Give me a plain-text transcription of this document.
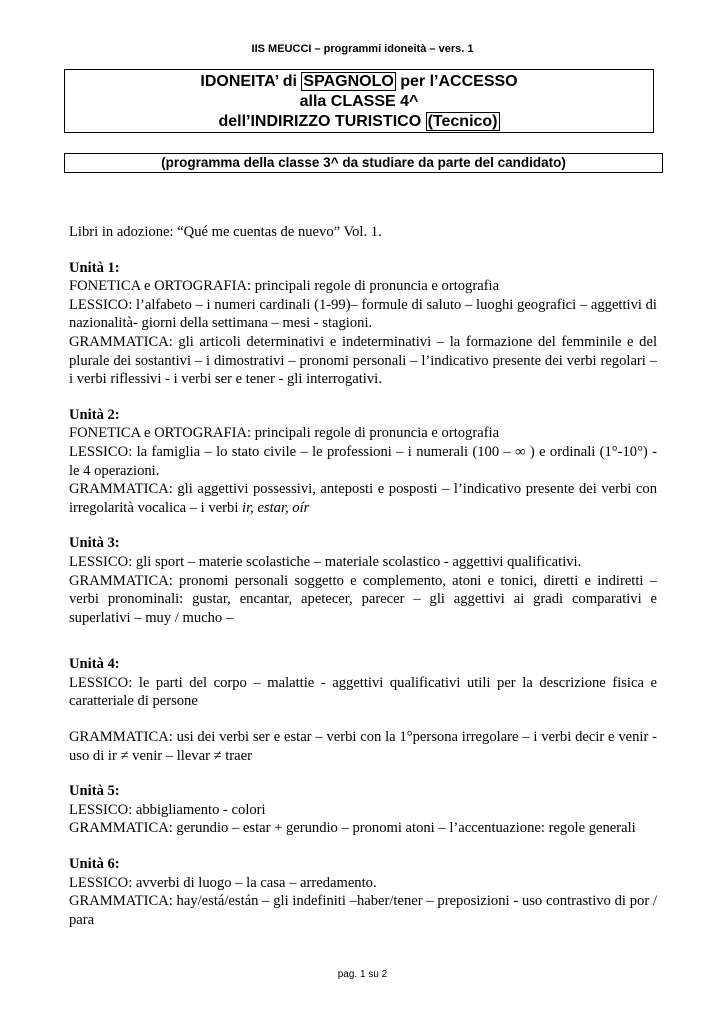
IIS MEUCCI – programmi idoneità – vers. 1
IDONEITA’ di SPAGNOLO per l’ACCESSO
alla CLASSE 4^
dell’INDIRIZZO TURISTICO (Tecnico)
(programma della classe 3^ da studiare da parte del candidato)

Libri in adozione: “Qué me cuentas de nuevo” Vol. 1.

Unità 1:

FONETICA e ORTOGRAFIA: principali regole di pronuncia e ortografia

LESSICO: l’alfabeto – i numeri cardinali (1-99)– formule di saluto – luoghi geografici – aggettivi di nazionalità- giorni della settimana – mesi - stagioni.

GRAMMATICA: gli articoli determinativi e indeterminativi – la formazione del femminile e del plurale dei sostantivi – i dimostrativi – pronomi personali – l’indicativo presente dei verbi regolari – i verbi riflessivi - i verbi ser e tener - gli interrogativi.

Unità 2:

FONETICA e ORTOGRAFIA: principali regole di pronuncia e ortografia

LESSICO: la famiglia – lo stato civile – le professioni – i numerali (100 – ∞ ) e ordinali (1°-10°) - le 4 operazioni.

GRAMMATICA: gli aggettivi possessivi, anteposti e posposti – l’indicativo presente dei verbi con irregolarità vocalica – i verbi ir, estar, oír

Unità 3:

LESSICO: gli sport – materie scolastiche – materiale scolastico - aggettivi qualificativi.

GRAMMATICA: pronomi personali soggetto e complemento, atoni e tonici, diretti e indiretti – verbi pronominali: gustar, encantar, apetecer, parecer – gli aggettivi ai gradi comparativi e superlativi – muy / mucho –

Unità 4:

LESSICO: le parti del corpo – malattie - aggettivi qualificativi utili per la descrizione fisica e caratteriale di persone

GRAMMATICA: usi dei verbi ser e estar – verbi con la 1°persona irregolare – i verbi decir e venir - uso di ir ≠ venir – llevar ≠ traer

Unità 5:

LESSICO: abbigliamento - colori

GRAMMATICA: gerundio – estar + gerundio – pronomi atoni – l’accentuazione: regole generali

Unità 6:

LESSICO: avverbi di luogo – la casa – arredamento.

GRAMMATICA: hay/está/están – gli indefiniti –haber/tener – preposizioni - uso contrastivo di por / para

pag. 1 su 2
